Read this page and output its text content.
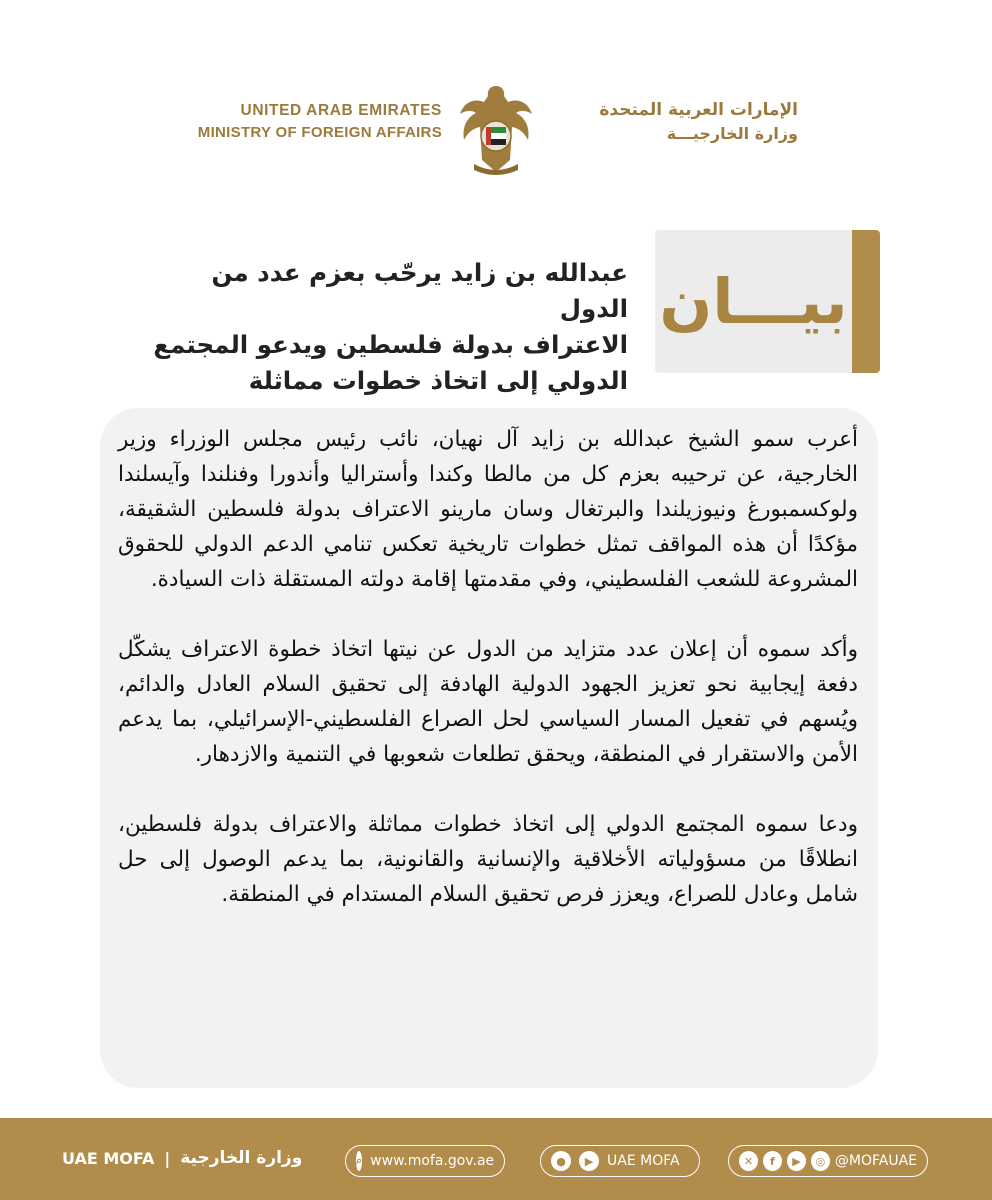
UNITED ARAB EMIRATES
MINISTRY OF FOREIGN AFFAIRS
الإمارات العربية المتحدة
وزارة الخارجيـــة
عبدالله بن زايد يرحّب بعزم عدد من الدول
الاعتراف بدولة فلسطين ويدعو المجتمع
الدولي إلى اتخاذ خطوات مماثلة
بيـــان

أعرب سمو الشيخ عبدالله بن زايد آل نهيان، نائب رئيس مجلس الوزراء وزير الخارجية، عن ترحيبه بعزم كل من مالطا وكندا وأستراليا وأندورا وفنلندا وآيسلندا ولوكسمبورغ ونيوزيلندا والبرتغال وسان مارينو الاعتراف بدولة فلسطين الشقيقة، مؤكدًا أن هذه المواقف تمثل خطوات تاريخية تعكس تنامي الدعم الدولي للحقوق المشروعة للشعب الفلسطيني، وفي مقدمتها إقامة دولته المستقلة ذات السيادة.

وأكد سموه أن إعلان عدد متزايد من الدول عن نيتها اتخاذ خطوة الاعتراف يشكّل دفعة إيجابية نحو تعزيز الجهود الدولية الهادفة إلى تحقيق السلام العادل والدائم، ويُسهم في تفعيل المسار السياسي لحل الصراع الفلسطيني-الإسرائيلي، بما يدعم الأمن والاستقرار في المنطقة، ويحقق تطلعات شعوبها في التنمية والازدهار.

ودعا سموه المجتمع الدولي إلى اتخاذ خطوات مماثلة والاعتراف بدولة فلسطين، انطلاقًا من مسؤولياته الأخلاقية والإنسانية والقانونية، بما يدعم الوصول إلى حل شامل وعادل للصراع، ويعزز فرص تحقيق السلام المستدام في المنطقة.

UAE MOFA | وزارة الخارجية	⌕ www.mofa.gov.ae	●	▶ UAE MOFA	✕	f	▶	◎ @MOFAUAE
